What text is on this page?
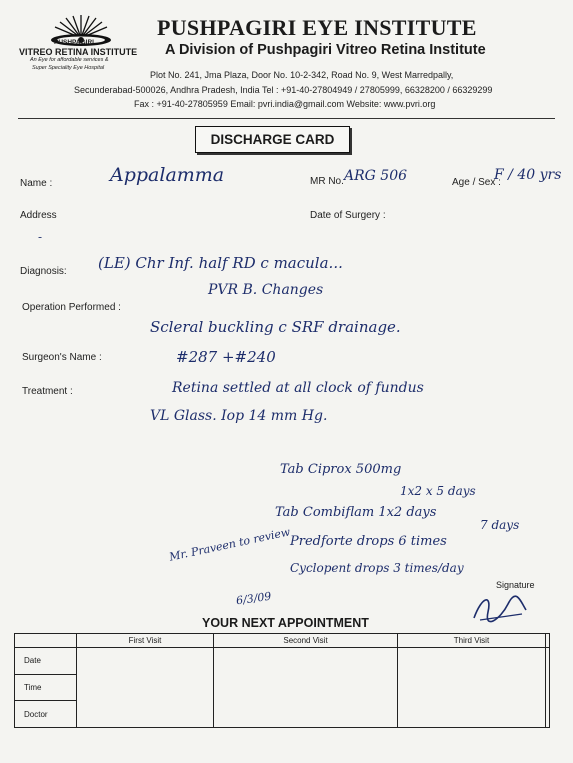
PUSHPAGIRI
VITREO RETINA INSTITUTE
An Eye for affordable services &
Super Speciality Eye Hospital
PUSHPAGIRI EYE INSTITUTE
A Division of Pushpagiri Vitreo Retina Institute
Plot No. 241, Jma Plaza, Door No. 10-2-342, Road No. 9, West Marredpally,
Secunderabad-500026, Andhra Pradesh, India Tel : +91-40-27804949 / 27805999, 66328200 / 66329299
Fax : +91-40-27805959 Email: pvri.india@gmail.com Website: www.pvri.org
DISCHARGE CARD
Name :	Appalamma	MR No. ARG 506	Age / Sex :
F / 40 yrs
Address
-
Date of Surgery :
Diagnosis: (LE) Chr Inf. half RD c macula...
PVR B. Changes
Operation Performed :
Scleral buckling c SRF drainage.
Surgeon's Name :	#287 +#240
Treatment :	Retina settled at all clock of fundus
VL Glass. Iop 14 mm Hg.
Tab Ciprox 500mg
1x2 x 5 days
Tab Combiflam 1x2 days
7 days
Predforte drops 6 times
Cyclopent drops 3 times/day
Mr. Praveen to review
6/3/09
Signature
YOUR NEXT APPOINTMENT
	First Visit	Second Visit	Third Visit	
Date				
Time				
Doctor				
